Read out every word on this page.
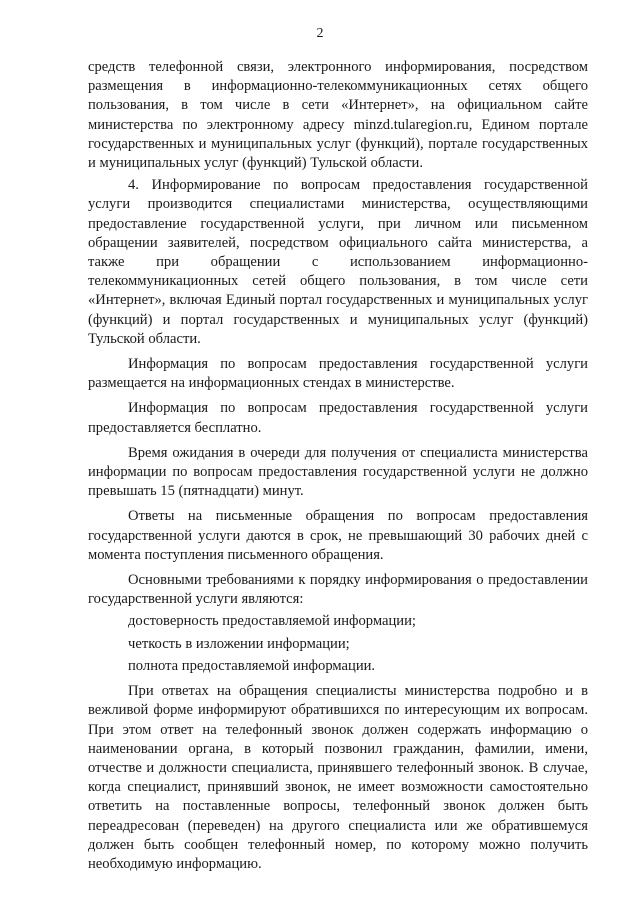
2

средств телефонной связи, электронного информирования, посредством размещения в информационно-телекоммуникационных сетях общего пользования, в том числе в сети «Интернет», на официальном сайте министерства по электронному адресу minzd.tularegion.ru, Едином портале государственных и муниципальных услуг (функций), портале государственных и муниципальных услуг (функций) Тульской области.

4. Информирование по вопросам предоставления государственной услуги производится специалистами министерства, осуществляющими предоставление государственной услуги, при личном или письменном обращении заявителей, посредством официального сайта министерства, а также при обращении с использованием информационно-телекоммуникационных сетей общего пользования, в том числе сети «Интернет», включая Единый портал государственных и муниципальных услуг (функций) и портал государственных и муниципальных услуг (функций) Тульской области.

Информация по вопросам предоставления государственной услуги размещается на информационных стендах в министерстве.

Информация по вопросам предоставления государственной услуги предоставляется бесплатно.

Время ожидания в очереди для получения от специалиста министерства информации по вопросам предоставления государственной услуги не должно превышать 15 (пятнадцати) минут.

Ответы на письменные обращения по вопросам предоставления государственной услуги даются в срок, не превышающий 30 рабочих дней с момента поступления письменного обращения.

Основными требованиями к порядку информирования о предоставлении государственной услуги являются:

достоверность предоставляемой информации;

четкость в изложении информации;

полнота предоставляемой информации.

При ответах на обращения специалисты министерства подробно и в вежливой форме информируют обратившихся по интересующим их вопросам. При этом ответ на телефонный звонок должен содержать информацию о наименовании органа, в который позвонил гражданин, фамилии, имени, отчестве и должности специалиста, принявшего телефонный звонок. В случае, когда специалист, принявший звонок, не имеет возможности самостоятельно ответить на поставленные вопросы, телефонный звонок должен быть переадресован (переведен) на другого специалиста или же обратившемуся должен быть сообщен телефонный номер, по которому можно получить необходимую информацию.
